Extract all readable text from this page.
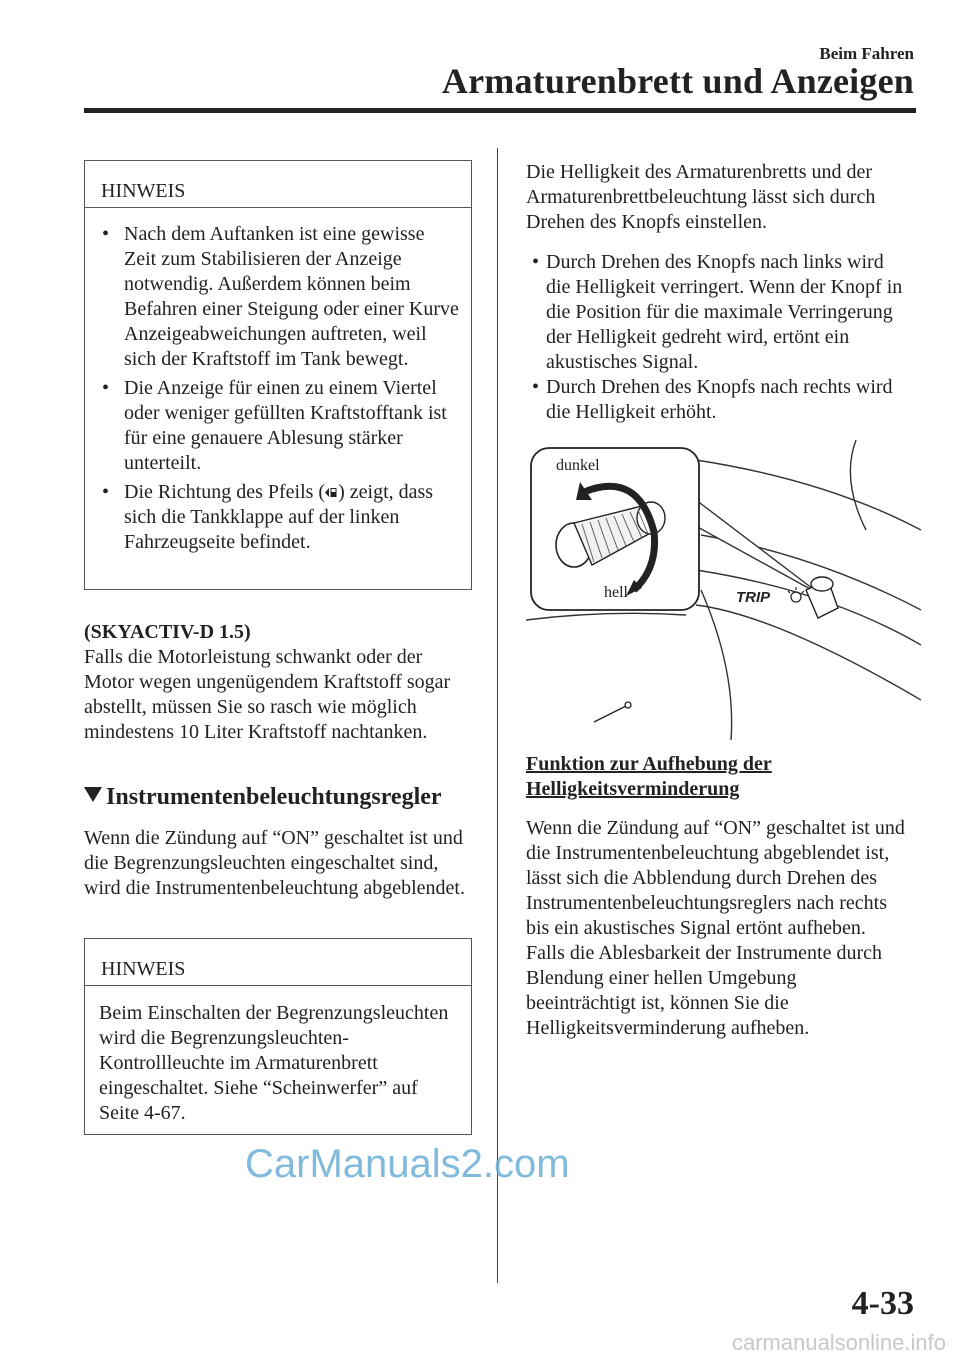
Beim Fahren
Armaturenbrett und Anzeigen
HINWEIS
• Nach dem Auftanken ist eine gewisse Zeit zum Stabilisieren der Anzeige notwendig. Außerdem können beim Befahren einer Steigung oder einer Kurve Anzeigeabweichungen auftreten, weil sich der Kraftstoff im Tank bewegt.
• Die Anzeige für einen zu einem Viertel oder weniger gefüllten Kraftstofftank ist für eine genauere Ablesung stärker unterteilt.
• Die Richtung des Pfeils ( ) zeigt, dass sich die Tankklappe auf der linken Fahrzeugseite befindet.
(SKYACTIV-D 1.5)
Falls die Motorleistung schwankt oder der Motor wegen ungenügendem Kraftstoff sogar abstellt, müssen Sie so rasch wie möglich mindestens 10 Liter Kraftstoff nachtanken.
Instrumentenbeleuchtungsregler
Wenn die Zündung auf “ON” geschaltet ist und die Begrenzungsleuchten eingeschaltet sind, wird die Instrumentenbeleuchtung abgeblendet.
HINWEIS
Beim Einschalten der Begrenzungsleuchten wird die Begrenzungsleuchten-Kontrollleuchte im Armaturenbrett eingeschaltet. Siehe “Scheinwerfer” auf Seite 4-67.
Die Helligkeit des Armaturenbretts und der Armaturenbrettbeleuchtung lässt sich durch Drehen des Knopfs einstellen.
• Durch Drehen des Knopfs nach links wird die Helligkeit verringert. Wenn der Knopf in die Position für die maximale Verringerung der Helligkeit gedreht wird, ertönt ein akustisches Signal.
• Durch Drehen des Knopfs nach rechts wird die Helligkeit erhöht.
dunkel
hell	TRIP
Funktion zur Aufhebung der
Helligkeitsverminderung
Wenn die Zündung auf “ON” geschaltet ist und die Instrumentenbeleuchtung abgeblendet ist, lässt sich die Abblendung durch Drehen des Instrumentenbeleuchtungsreglers nach rechts bis ein akustisches Signal ertönt aufheben. Falls die Ablesbarkeit der Instrumente durch Blendung einer hellen Umgebung beeinträchtigt ist, können Sie die Helligkeitsverminderung aufheben.
4-33
CarManuals2.com
carmanualsonline.info
